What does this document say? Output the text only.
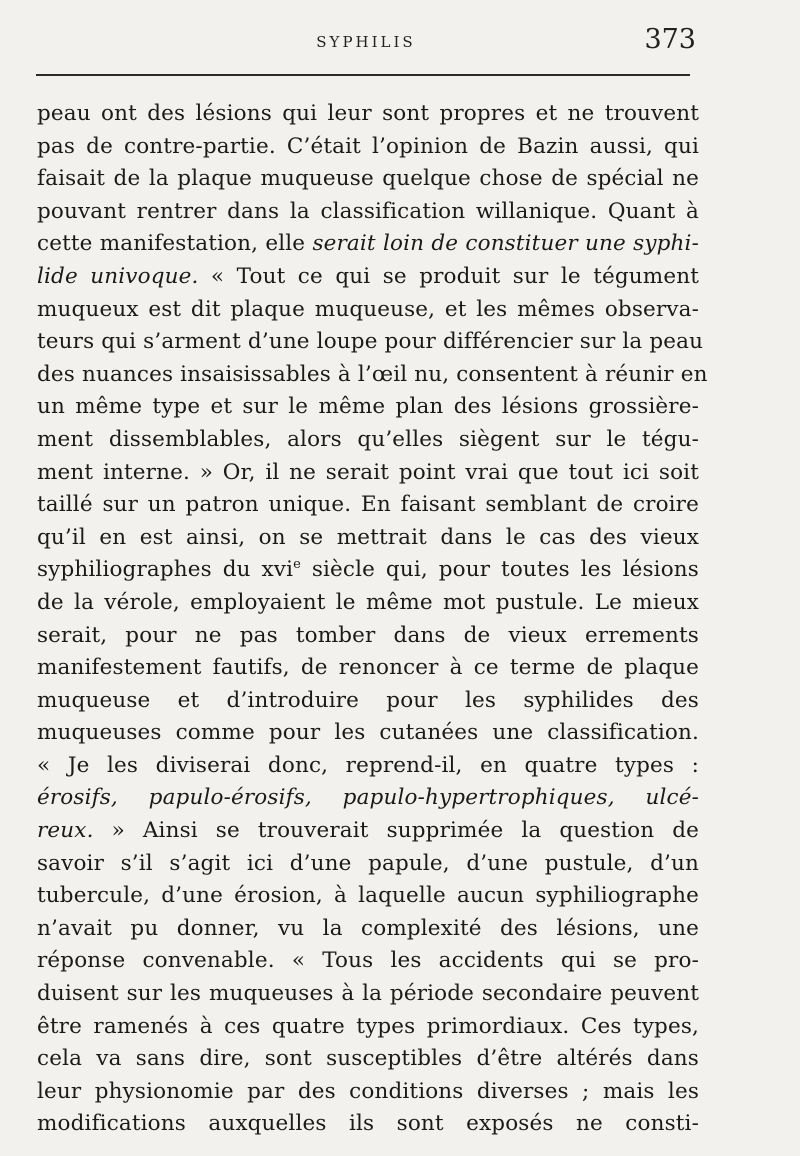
SYPHILIS	373
peau ont des lésions qui leur sont propres et ne trouvent
pas de contre-partie. C’était l’opinion de Bazin aussi, qui
faisait de la plaque muqueuse quelque chose de spécial ne
pouvant rentrer dans la classification willanique. Quant à
cette manifestation, elle serait loin de constituer une syphi-
lide univoque. « Tout ce qui se produit sur le tégument
muqueux est dit plaque muqueuse, et les mêmes observa-
teurs qui s’arment d’une loupe pour différencier sur la peau
des nuances insaisissables à l’œil nu, consentent à réunir en
un même type et sur le même plan des lésions grossière-
ment dissemblables, alors qu’elles siègent sur le tégu-
ment interne. » Or, il ne serait point vrai que tout ici soit
taillé sur un patron unique. En faisant semblant de croire
qu’il en est ainsi, on se mettrait dans le cas des vieux
syphiliographes du xvi$^e$ siècle qui, pour toutes les lésions
de la vérole, employaient le même mot pustule. Le mieux
serait, pour ne pas tomber dans de vieux errements
manifestement fautifs, de renoncer à ce terme de plaque
muqueuse et d’introduire pour les syphilides des
muqueuses comme pour les cutanées une classification.
« Je les diviserai donc, reprend-il, en quatre types :
érosifs, papulo-érosifs, papulo-hypertrophiques, ulcé-
reux. » Ainsi se trouverait supprimée la question de
savoir s’il s’agit ici d’une papule, d’une pustule, d’un
tubercule, d’une érosion, à laquelle aucun syphiliographe
n’avait pu donner, vu la complexité des lésions, une
réponse convenable. « Tous les accidents qui se pro-
duisent sur les muqueuses à la période secondaire peuvent
être ramenés à ces quatre types primordiaux. Ces types,
cela va sans dire, sont susceptibles d’être altérés dans
leur physionomie par des conditions diverses ; mais les
modifications auxquelles ils sont exposés ne consti-
